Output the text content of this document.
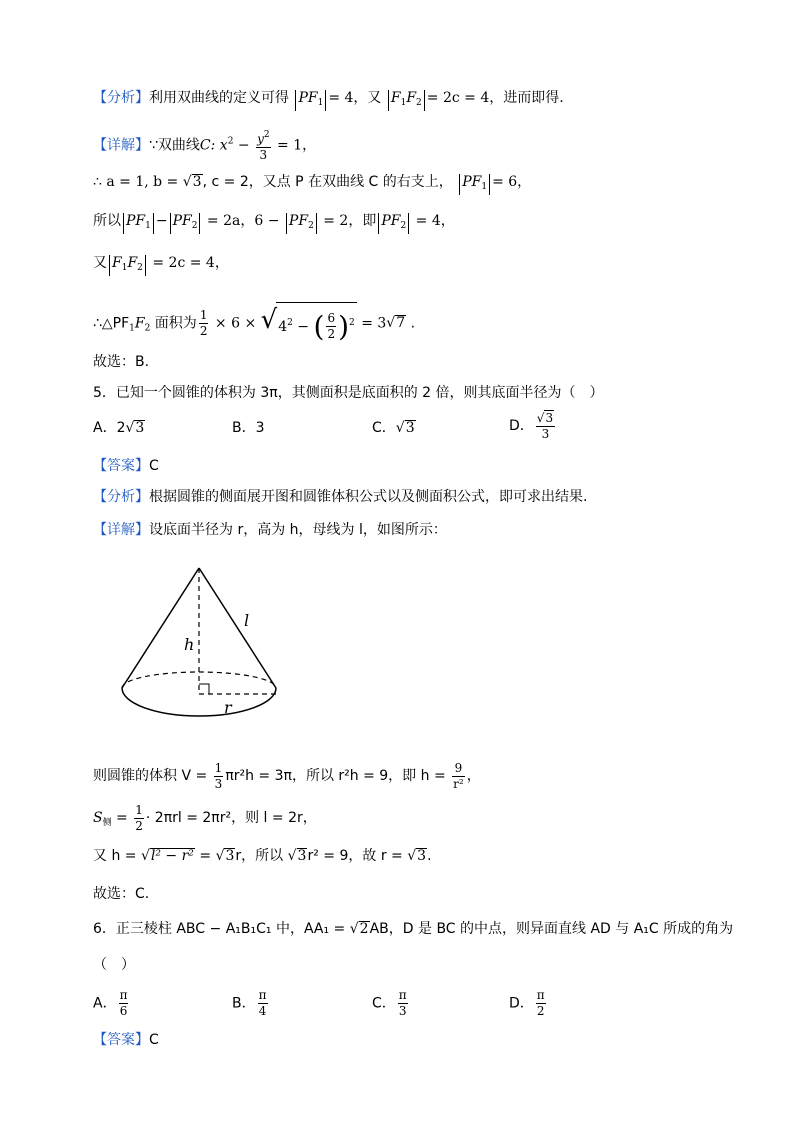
【分析】利用双曲线的定义可得 $PF_1 = 4$，又 $F_1F_2 = 2c = 4$，进而即得.
【详解】∵双曲线C: $x^2 - \frac{y^2}{3} = 1$，
∴ a = 1, b = √3, c = 2，又点 P 在双曲线 C 的右支上， $PF_1 = 6$，
所以 $PF_1 - PF_2 = 2a$，$6 - PF_2 = 2$，即 $PF_2 = 4$，
又 $F_1F_2 = 2c = 4$，
$\therefore\triangle PF_1F_2$ 面积为 $\frac{1}{2} \times 6 \times √4^2$ − ( $\frac{6}{2} )^2 = 3√7$ .
故选：B.
5．已知一个圆锥的体积为 3π，其侧面积是底面积的 2 倍，则其底面半径为（　）
A．2√3	B．3	C．√3	D． $\frac{√3}{3}$
【答案】C
【分析】根据圆锥的侧面展开图和圆锥体积公式以及侧面积公式，即可求出结果.
【详解】设底面半径为 r，高为 h，母线为 l，如图所示：
h
l
r
则圆锥的体积 $V = \frac{1}{3} \pi r^2h = 3\pi$，所以 r²h = 9，即 $h = \frac{9}{\text{r²}}$ ，
$S_侧 = \frac{1}{2} \cdot 2\pi rl = 2\pi r^2$，则 l = 2r，
又 h = √l² − r² = √3r，所以 √3r² = 9，故 r = √3.
故选：C.
6．正三棱柱 ABC − A₁B₁C₁ 中，AA₁ = √2AB，D 是 BC 的中点，则异面直线 AD 与 A₁C 所成的角为
（　）
A． $\frac{\pi}{6}$	B． $\frac{\pi}{4}$	C． $\frac{\pi}{3}$	D． $\frac{\pi}{2}$
【答案】C
